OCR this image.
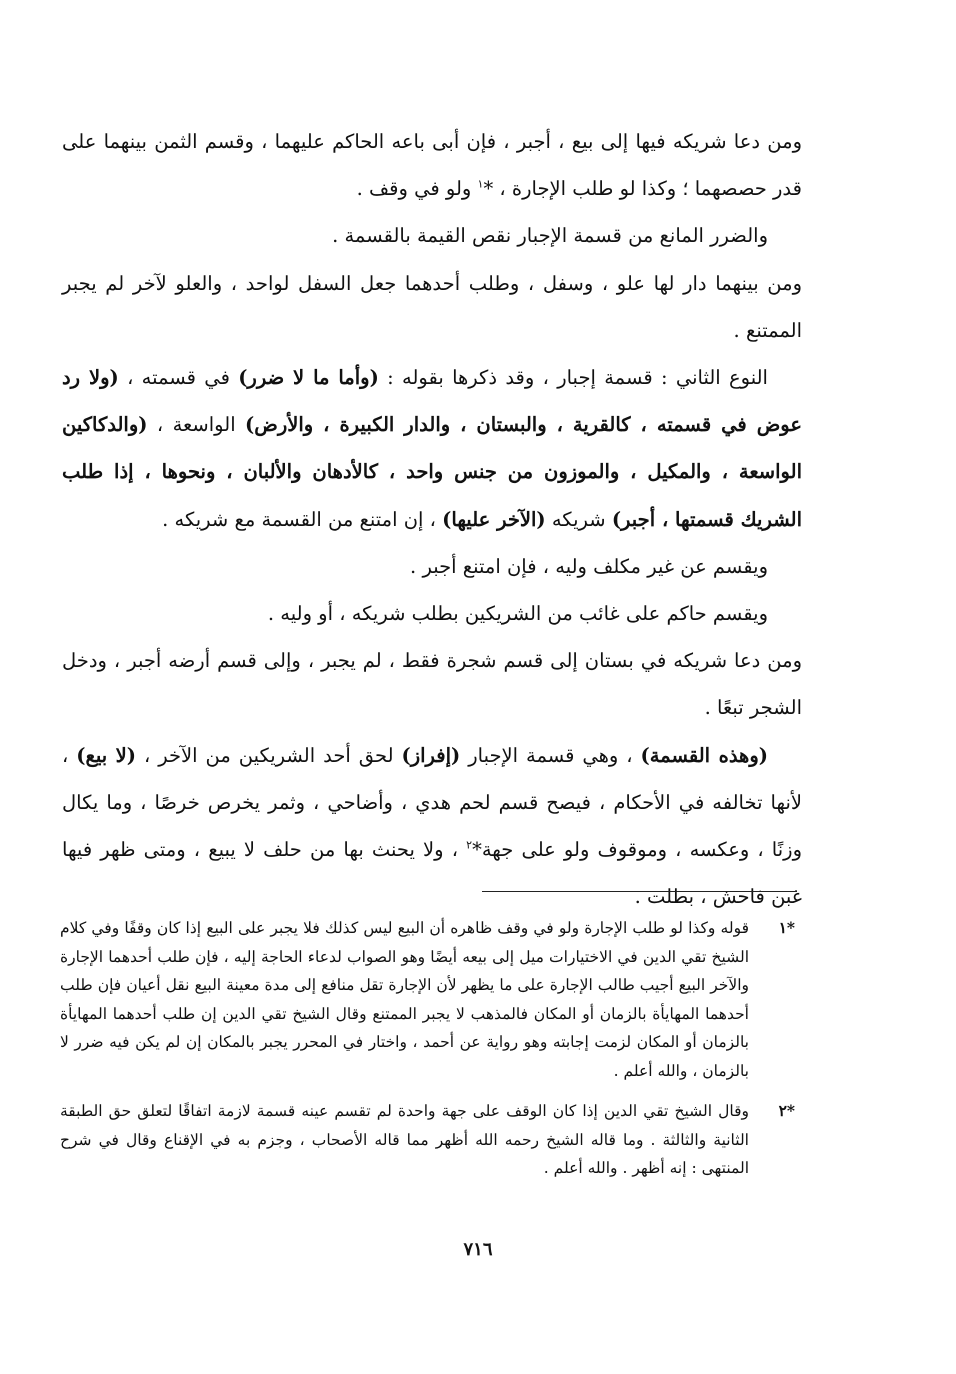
ومن دعا شريكه فيها إلى بيع ، أجبر ، فإن أبى باعه الحاكم عليهما ، وقسم الثمن بينهما على قدر حصصهما ؛ وكذا لو طلب الإجارة ، *$^١$ ولو في وقف .

والضرر المانع من قسمة الإجبار نقص القيمة بالقسمة .

ومن بينهما دار لها علو ، وسفل ، وطلب أحدهما جعل السفل لواحد ، والعلو لآخر لم يجبر الممتنع .

النوع الثاني : قسمة إجبار ، وقد ذكرها بقوله : (وأما ما لا ضرر) في قسمته ، (ولا رد عوض في قسمته ، كالقرية ، والبستان ، والدار الكبيرة ، والأرض) الواسعة ، (والدكاكين الواسعة ، والمكيل ، والموزون من جنس واحد ، كالأدهان والألبان ، ونحوها ، إذا طلب الشريك قسمتها ، أجبر) شريكه (الآخر عليها) ، إن امتنع من القسمة مع شريكه .

ويقسم عن غير مكلف وليه ، فإن امتنع أجبر .

ويقسم حاكم على غائب من الشريكين بطلب شريكه ، أو وليه .

ومن دعا شريكه في بستان إلى قسم شجرة فقط ، لم يجبر ، وإلى قسم أرضه أجبر ، ودخل الشجر تبعًا .

(وهذه القسمة) ، وهي قسمة الإجبار (إفراز) لحق أحد الشريكين من الآخر ، (لا بيع) ، لأنها تخالفه في الأحكام ، فيصح قسم لحم هدي ، وأضاحي ، وثمر يخرص خرصًا ، وما يكال وزنًا ، وعكسه ، وموقوف ولو على جهة*$^٢$ ، ولا يحنث بها من حلف لا يبيع ، ومتى ظهر فيها غبن فاحش ، بطلت .

*١
قوله وكذا لو طلب الإجارة ولو في وقف ظاهره أن البيع ليس كذلك فلا يجبر على البيع إذا كان وقفًا وفي كلام الشيخ تقي الدين في الاختيارات ميل إلى بيعه أيضًا وهو الصواب لدعاء الحاجة إليه ، فإن طلب أحدهما الإجارة والآخر البيع أجيب طالب الإجارة على ما يظهر لأن الإجارة تقل منافع إلى مدة معينة البيع نقل أعيان فإن طلب أحدهما المهايأة بالزمان أو المكان فالمذهب لا يجبر الممتنع وقال الشيخ تقي الدين إن طلب أحدهما المهايأة بالزمان أو المكان لزمت إجابته وهو رواية عن أحمد ، واختار في المحرر يجبر بالمكان إن لم يكن فيه ضرر لا بالزمان ، والله أعلم .
*٢
وقال الشيخ تقي الدين إذا كان الوقف على جهة واحدة لم تقسم عينه قسمة لازمة اتفاقًا لتعلق حق الطبقة الثانية والثالثة . وما قاله الشيخ رحمه الله أظهر مما قاله الأصحاب ، وجزم به في الإقناع وقال في شرح المنتهى : إنه أظهر . والله أعلم .
٧١٦
